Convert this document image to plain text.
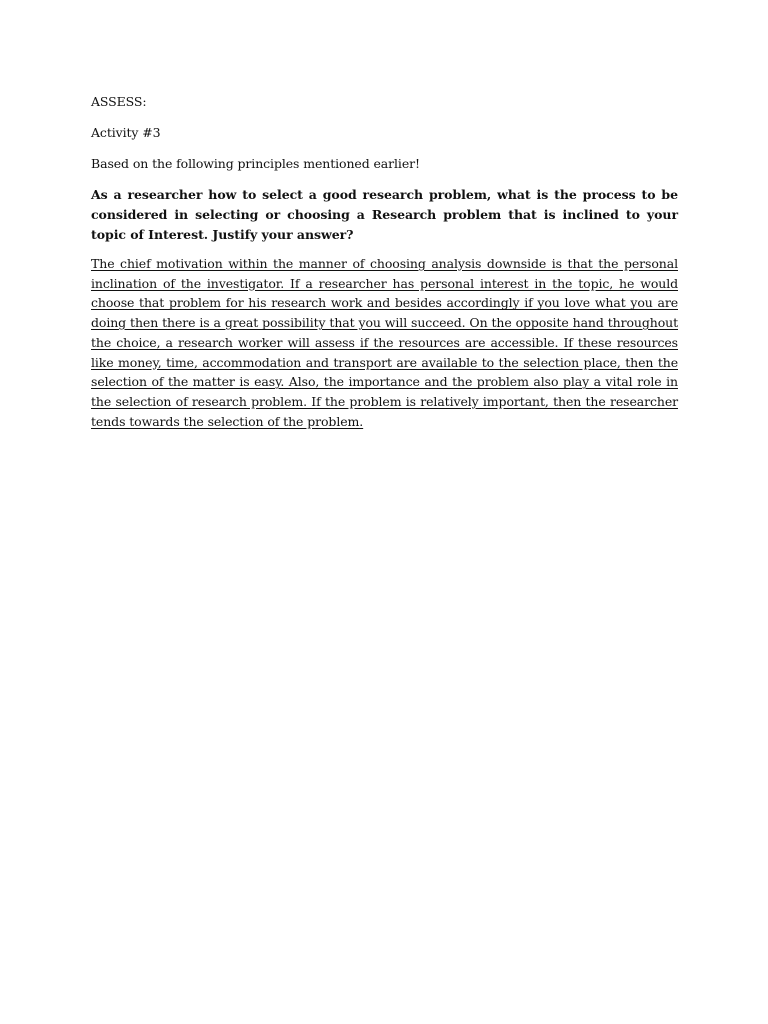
ASSESS:

Activity #3

Based on the following principles mentioned earlier!

As a researcher how to select a good research problem, what is the process to be considered in selecting or choosing a Research problem that is inclined to your topic of Interest. Justify your answer?

The chief motivation within the manner of choosing analysis downside is that the personal inclination of the investigator. If a researcher has personal interest in the topic, he would choose that problem for his research work and besides accordingly if you love what you are doing then there is a great possibility that you will succeed. On the opposite hand throughout the choice, a research worker will assess if the resources are accessible. If these resources like money, time, accommodation and transport are available to the selection place, then the selection of the matter is easy. Also, the importance and the problem also play a vital role in the selection of research problem. If the problem is relatively important, then the researcher tends towards the selection of the problem.
